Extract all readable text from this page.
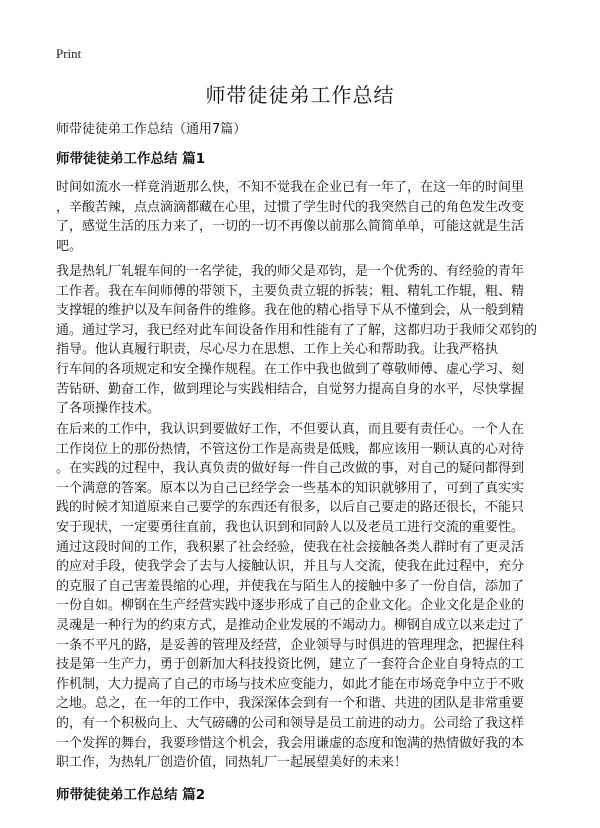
Print
师带徒徒弟工作总结
师带徒徒弟工作总结（通用7篇）
师带徒徒弟工作总结 篇1
时间如流水一样竟消逝那么快，不知不觉我在企业已有一年了，在这一年的时间里
，辛酸苦辣，点点滴滴都藏在心里，过惯了学生时代的我突然自己的角色发生改变
了，感觉生活的压力来了，一切的一切不再像以前那么简简单单，可能这就是生活
吧。
我是热轧厂轧辊车间的一名学徒，我的师父是邓钧，是一个优秀的、有经验的青年
工作者。我在车间师傅的带领下，主要负责立辊的拆装；粗、精轧工作辊，粗、精
支撑辊的维护以及车间备件的维修。我在他的精心指导下从不懂到会，从一般到精
通。通过学习，我已经对此车间设备作用和性能有了了解，这都归功于我师父邓钧的
指导。他认真履行职责，尽心尽力在思想、工作上关心和帮助我。让我严格执
行车间的各项规定和安全操作规程。在工作中我也做到了尊敬师傅、虚心学习、刻
苦钻研、勤奋工作，做到理论与实践相结合，自觉努力提高自身的水平，尽快掌握
了各项操作技术。
在后来的工作中，我认识到要做好工作，不但要认真，而且要有责任心。一个人在
工作岗位上的那份热情，不管这份工作是高贵是低贱，都应该用一颗认真的心对待
。在实践的过程中，我认真负责的做好每一件自己改做的事，对自己的疑问都得到
一个满意的答案。原本以为自己已经学会一些基本的知识就够用了，可到了真实实
践的时候才知道原来自己要学的东西还有很多，以后自己要走的路还很长，不能只
安于现状，一定要勇往直前，我也认识到和同龄人以及老员工进行交流的重要性。
通过这段时间的工作，我积累了社会经验，使我在社会接触各类人群时有了更灵活
的应对手段，使我学会了去与人接触认识，并且与人交流，使我在此过程中，充分
的克服了自己害羞畏缩的心理，并使我在与陌生人的接触中多了一份自信，添加了
一份自如。柳钢在生产经营实践中逐步形成了自己的企业文化。企业文化是企业的
灵魂是一种行为的约束方式，是推动企业发展的不竭动力。柳钢自成立以来走过了
一条不平凡的路，是妥善的管理及经营，企业领导与时俱进的管理理念，把握住科
技是第一生产力，勇于创新加大科技投资比例，建立了一套符合企业自身特点的工
作机制，大力提高了自己的市场与技术应变能力，如此才能在市场竞争中立于不败
之地。总之，在一年的工作中，我深深体会到有一个和谐、共进的团队是非常重要
的，有一个积极向上、大气磅礴的公司和领导是员工前进的动力。公司给了我这样
一个发挥的舞台，我要珍惜这个机会，我会用谦虚的态度和饱满的热情做好我的本
职工作，为热轧厂创造价值，同热轧厂一起展望美好的未来！
师带徒徒弟工作总结 篇2
